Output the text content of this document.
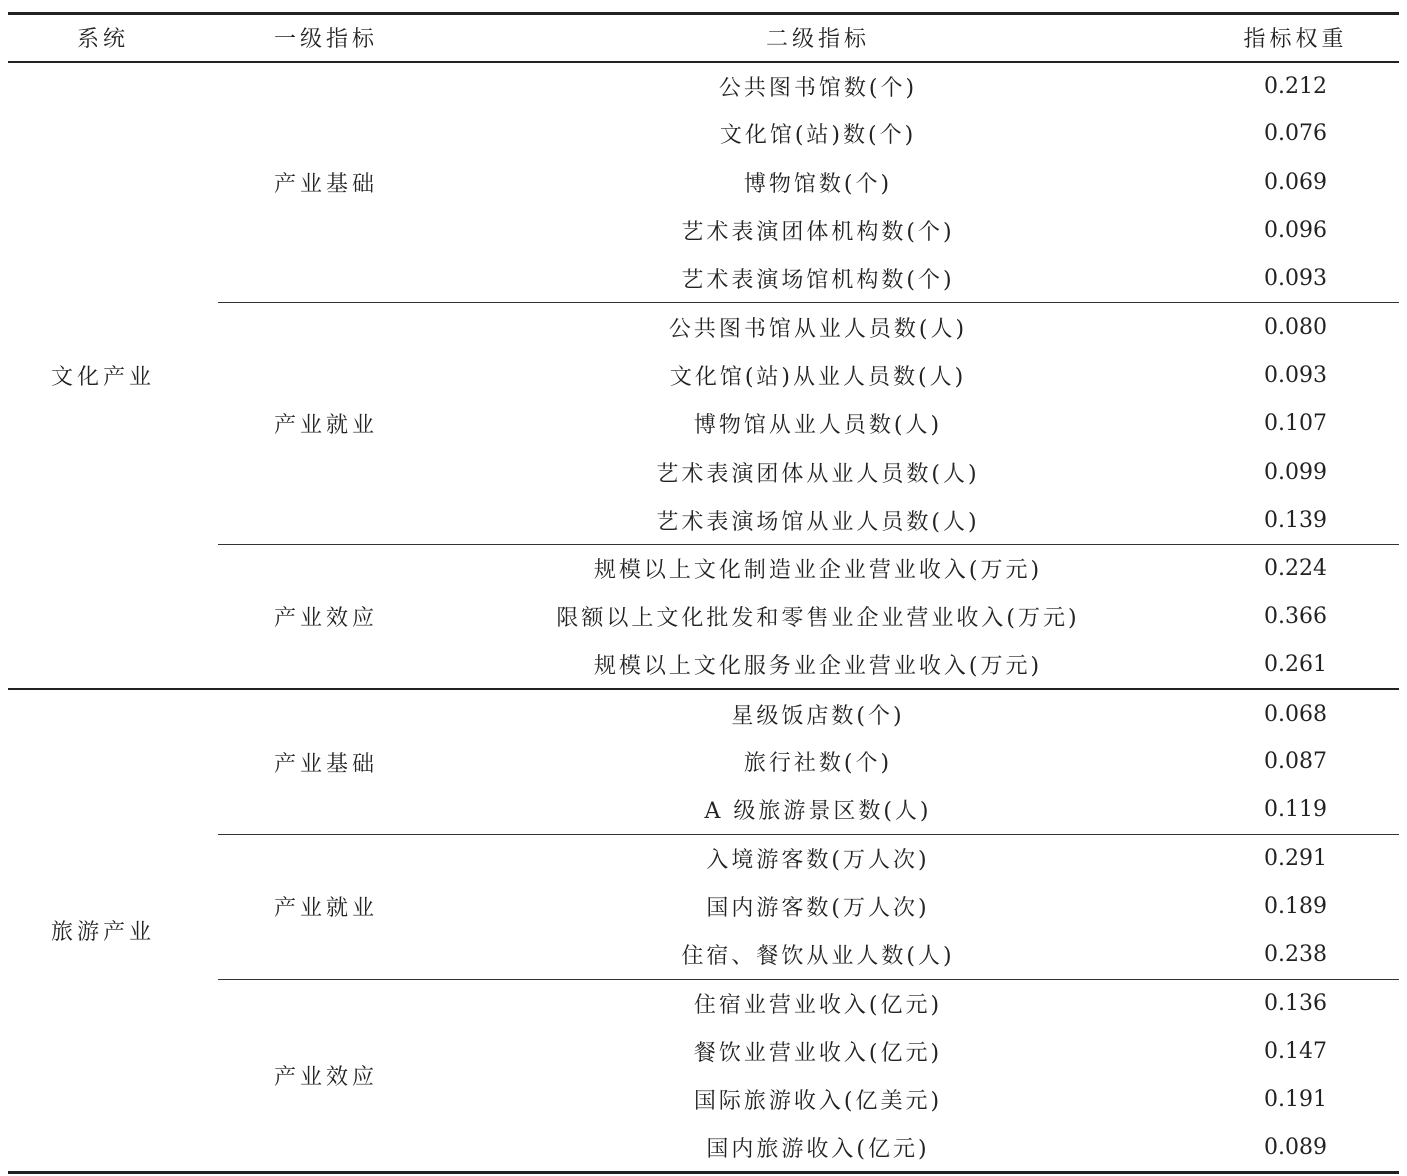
系统	一级指标	二级指标	指标权重
文化产业	产业基础	公共图书馆数(个)	0.212
		文化馆(站)数(个)	0.076
		博物馆数(个)	0.069
		艺术表演团体机构数(个)	0.096
		艺术表演场馆机构数(个)	0.093
	产业就业	公共图书馆从业人员数(人)	0.080
		文化馆(站)从业人员数(人)	0.093
		博物馆从业人员数(人)	0.107
		艺术表演团体从业人员数(人)	0.099
		艺术表演场馆从业人员数(人)	0.139
	产业效应	规模以上文化制造业企业营业收入(万元)	0.224
		限额以上文化批发和零售业企业营业收入(万元)	0.366
		规模以上文化服务业企业营业收入(万元)	0.261
旅游产业	产业基础	星级饭店数(个)	0.068
		旅行社数(个)	0.087
		A 级旅游景区数(人)	0.119
	产业就业	入境游客数(万人次)	0.291
		国内游客数(万人次)	0.189
		住宿、餐饮从业人数(人)	0.238
	产业效应	住宿业营业收入(亿元)	0.136
		餐饮业营业收入(亿元)	0.147
		国际旅游收入(亿美元)	0.191
		国内旅游收入(亿元)	0.089
